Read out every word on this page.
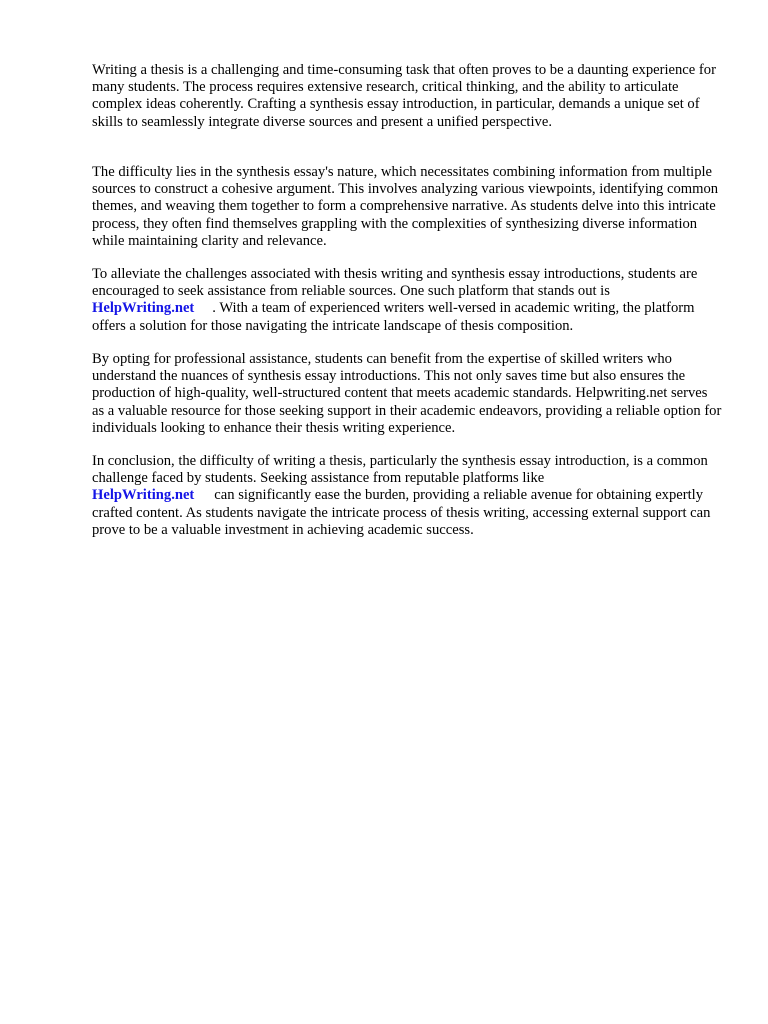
Writing a thesis is a challenging and time-consuming task that often proves to be a daunting experience for many students. The process requires extensive research, critical thinking, and the ability to articulate complex ideas coherently. Crafting a synthesis essay introduction, in particular, demands a unique set of skills to seamlessly integrate diverse sources and present a unified perspective.

The difficulty lies in the synthesis essay's nature, which necessitates combining information from multiple sources to construct a cohesive argument. This involves analyzing various viewpoints, identifying common themes, and weaving them together to form a comprehensive narrative. As students delve into this intricate process, they often find themselves grappling with the complexities of synthesizing diverse information while maintaining clarity and relevance.

To alleviate the challenges associated with thesis writing and synthesis essay introductions, students are encouraged to seek assistance from reliable sources. One such platform that stands out is
HelpWriting.net . With a team of experienced writers well-versed in academic writing, the platform offers a solution for those navigating the intricate landscape of thesis composition.

By opting for professional assistance, students can benefit from the expertise of skilled writers who understand the nuances of synthesis essay introductions. This not only saves time but also ensures the production of high-quality, well-structured content that meets academic standards. Helpwriting.net serves as a valuable resource for those seeking support in their academic endeavors, providing a reliable option for individuals looking to enhance their thesis writing experience.

In conclusion, the difficulty of writing a thesis, particularly the synthesis essay introduction, is a common challenge faced by students. Seeking assistance from reputable platforms like
HelpWriting.net can significantly ease the burden, providing a reliable avenue for obtaining expertly crafted content. As students navigate the intricate process of thesis writing, accessing external support can prove to be a valuable investment in achieving academic success.
